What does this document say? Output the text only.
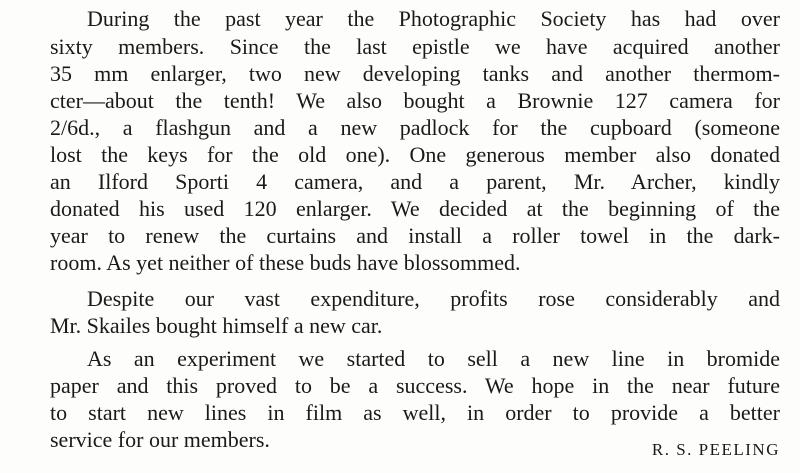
During the past year the Photographic Society has had over
sixty members. Since the last epistle we have acquired another
35 mm enlarger, two new developing tanks and another thermom-
cter—about the tenth! We also bought a Brownie 127 camera for
2/6d., a flashgun and a new padlock for the cupboard (someone
lost the keys for the old one). One generous member also donated
an Ilford Sporti 4 camera, and a parent, Mr. Archer, kindly
donated his used 120 enlarger. We decided at the beginning of the
year to renew the curtains and install a roller towel in the dark-
room. As yet neither of these buds have blossommed.
Despite our vast expenditure, profits rose considerably and
Mr. Skailes bought himself a new car.
As an experiment we started to sell a new line in bromide
paper and this proved to be a success. We hope in the near future
to start new lines in film as well, in order to provide a better
service for our members.	R. S. PEELING
